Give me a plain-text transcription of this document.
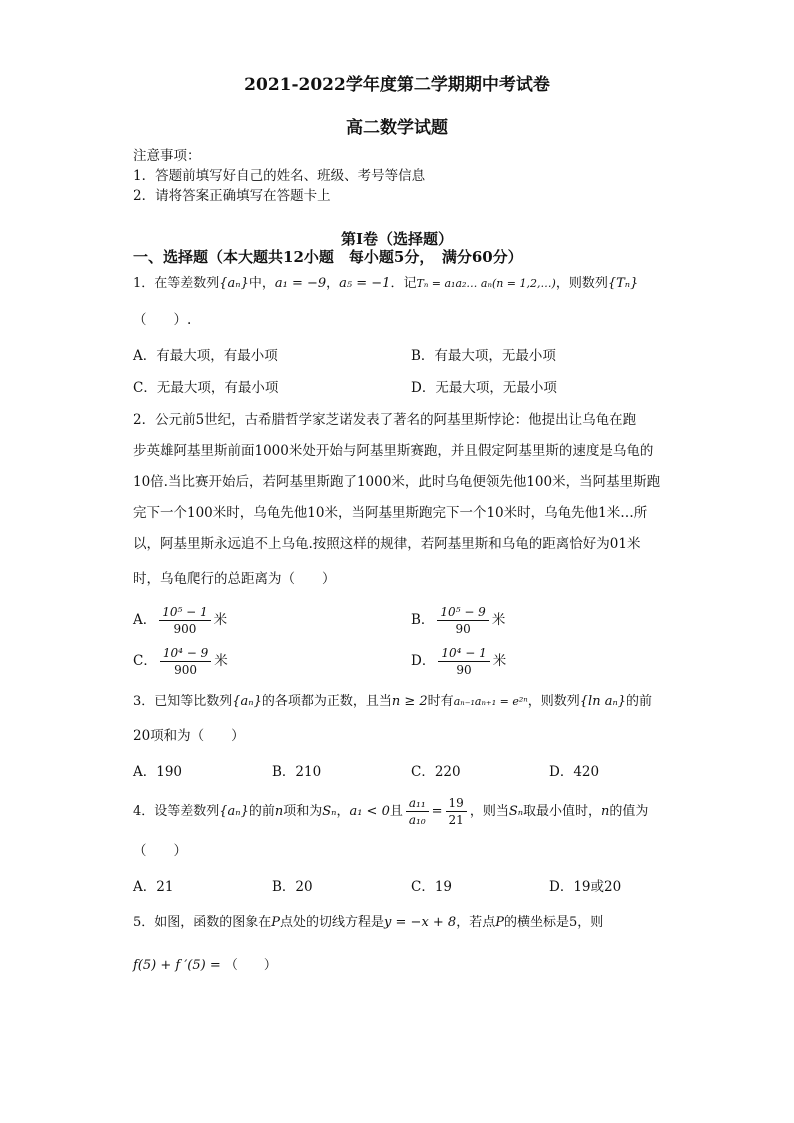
2021-2022学年度第二学期期中考试卷
高二数学试题
注意事项：
1．答题前填写好自己的姓名、班级、考号等信息
2．请将答案正确填写在答题卡上
第I卷（选择题）
一、选择题（本大题共12小题　每小题5分，　满分60分）
1．在等差数列{aₙ}中，a₁ = −9，a₅ = −1．记Tₙ = a₁a₂… aₙ(n = 1,2,…)，则数列{Tₙ}
（　　）.
A．有最大项，有最小项	B．有最大项，无最小项
C．无最大项，有最小项	D．无最大项，无最小项
2．公元前5世纪，古希腊哲学家芝诺发表了著名的阿基里斯悖论：他提出让乌龟在跑
步英雄阿基里斯前面1000米处开始与阿基里斯赛跑，并且假定阿基里斯的速度是乌龟的
10倍.当比赛开始后，若阿基里斯跑了1000米，此时乌龟便领先他100米，当阿基里斯跑
完下一个100米时，乌龟先他10米，当阿基里斯跑完下一个10米时，乌龟先他1米…所
以，阿基里斯永远追不上乌龟.按照这样的规律，若阿基里斯和乌龟的距离恰好为01米
时，乌龟爬行的总距离为（　　）
A． $\frac{\text{10⁵ − 1}}{900}$ 米	B． $\frac{\text{10⁵ − 9}}{90}$ 米
C． $\frac{\text{10⁴ − 9}}{900}$ 米	D． $\frac{\text{10⁴ − 1}}{90}$ 米
3．已知等比数列{aₙ}的各项都为正数，且当n ≥ 2时有aₙ₋₁aₙ₊₁ = e²ⁿ，则数列{ln aₙ}的前
20项和为（　　）
A．190	B．210	C．220	D．420
4．设等差数列{aₙ}的前n项和为Sₙ，a₁ < 0且 $\frac{\text{a₁₁}}{\text{a₁₀}} = \frac{19}{21}$ ，则当Sₙ取最小值时，n的值为
（　　）
A．21	B．20	C．19	D．19或20
5．如图，函数的图象在P点处的切线方程是y = −x + 8，若点P的横坐标是5，则
f(5) + f ′(5) = （　　）
